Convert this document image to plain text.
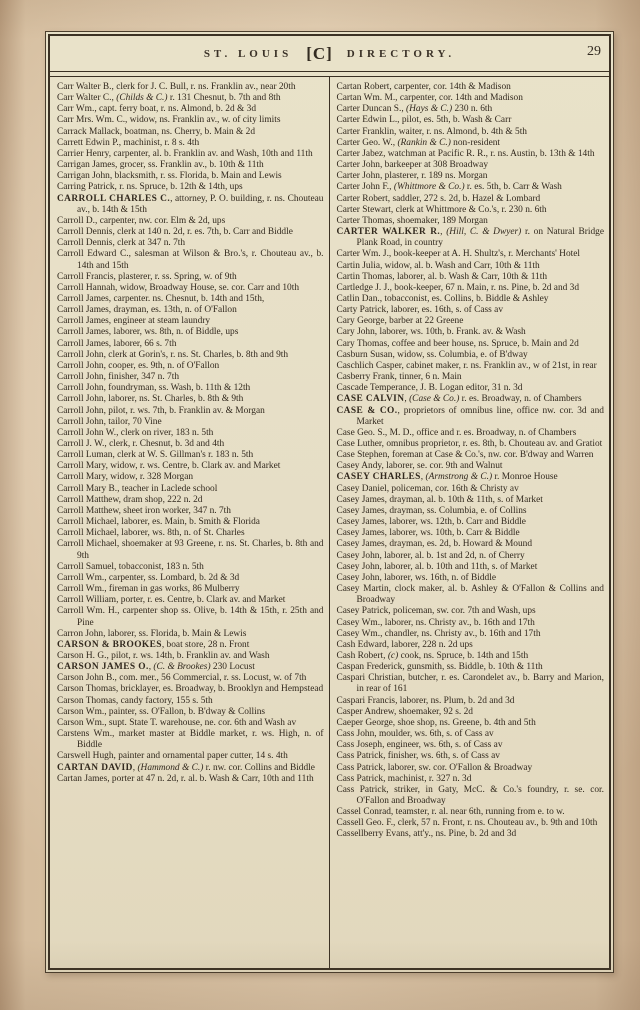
ST. LOUIS [C] DIRECTORY.	29
Carr Walter B., clerk for J. C. Bull, r. ns. Franklin av., near 20th
Carr Walter C., (Childs & C.) r. 131 Chesnut, b. 7th and 8th
Carr Wm., capt. ferry boat, r. ns. Almond, b. 2d & 3d
Carr Mrs. Wm. C., widow, ns. Franklin av., w. of city limits
Carrack Mallack, boatman, ns. Cherry, b. Main & 2d
Carrett Edwin P., machinist, r. 8 s. 4th
Carrier Henry, carpenter, al. b. Franklin av. and Wash, 10th and 11th
Carrigan James, grocer, ss. Franklin av., b. 10th & 11th
Carrigan John, blacksmith, r. ss. Florida, b. Main and Lewis
Carring Patrick, r. ns. Spruce, b. 12th & 14th, ups
CARROLL CHARLES C., attorney, P. O. building, r. ns. Chouteau av., b. 14th & 15th
Carroll D., carpenter, nw. cor. Elm & 2d, ups
Carroll Dennis, clerk at 140 n. 2d, r. es. 7th, b. Carr and Biddle
Carroll Dennis, clerk at 347 n. 7th
Carroll Edward C., salesman at Wilson & Bro.'s, r. Chouteau av., b. 14th and 15th
Carroll Francis, plasterer, r. ss. Spring, w. of 9th
Carroll Hannah, widow, Broadway House, se. cor. Carr and 10th
Carroll James, carpenter. ns. Chesnut, b. 14th and 15th,
Carroll James, drayman, es. 13th, n. of O'Fallon
Carroll James, engineer at steam laundry
Carroll James, laborer, ws. 8th, n. of Biddle, ups
Carroll James, laborer, 66 s. 7th
Carroll John, clerk at Gorin's, r. ns. St. Charles, b. 8th and 9th
Carroll John, cooper, es. 9th, n. of O'Fallon
Carroll John, finisher, 347 n. 7th
Carroll John, foundryman, ss. Wash, b. 11th & 12th
Carroll John, laborer, ns. St. Charles, b. 8th & 9th
Carroll John, pilot, r. ws. 7th, b. Franklin av. & Morgan
Carroll John, tailor, 70 Vine
Carroll John W., clerk on river, 183 n. 5th
Carroll J. W., clerk, r. Chesnut, b. 3d and 4th
Carroll Luman, clerk at W. S. Gillman's r. 183 n. 5th
Carroll Mary, widow, r. ws. Centre, b. Clark av. and Market
Carroll Mary, widow, r. 328 Morgan
Carroll Mary B., teacher in Laclede school
Carroll Matthew, dram shop, 222 n. 2d
Carroll Matthew, sheet iron worker, 347 n. 7th
Carroll Michael, laborer, es. Main, b. Smith & Florida
Carroll Michael, laborer, ws. 8th, n. of St. Charles
Carroll Michael, shoemaker at 93 Greene, r. ns. St. Charles, b. 8th and 9th
Carroll Samuel, tobacconist, 183 n. 5th
Carroll Wm., carpenter, ss. Lombard, b. 2d & 3d
Carroll Wm., fireman in gas works, 86 Mulberry
Carroll William, porter, r. es. Centre, b. Clark av. and Market
Carroll Wm. H., carpenter shop ss. Olive, b. 14th & 15th, r. 25th and Pine
Carron John, laborer, ss. Florida, b. Main & Lewis
CARSON & BROOKES, boat store, 28 n. Front
Carson H. G., pilot, r. ws. 14th, b. Franklin av. and Wash
CARSON JAMES O., (C. & Brookes) 230 Locust
Carson John B., com. mer., 56 Commercial, r. ss. Locust, w. of 7th
Carson Thomas, bricklayer, es. Broadway, b. Brooklyn and Hempstead
Carson Thomas, candy factory, 155 s. 5th
Carson Wm., painter, ss. O'Fallon, b. B'dway & Collins
Carson Wm., supt. State T. warehouse, ne. cor. 6th and Wash av
Carstens Wm., market master at Biddle market, r. ws. High, n. of Biddle
Carswell Hugh, painter and ornamental paper cutter, 14 s. 4th
CARTAN DAVID, (Hammond & C.) r. nw. cor. Collins and Biddle
Cartan James, porter at 47 n. 2d, r. al. b. Wash & Carr, 10th and 11th
Cartan Robert, carpenter, cor. 14th & Madison
Cartan Wm. M., carpenter, cor. 14th and Madison
Carter Duncan S., (Hays & C.) 230 n. 6th
Carter Edwin L., pilot, es. 5th, b. Wash & Carr
Carter Franklin, waiter, r. ns. Almond, b. 4th & 5th
Carter Geo. W., (Rankin & C.) non-resident
Carter Jabez, watchman at Pacific R. R., r. ns. Austin, b. 13th & 14th
Carter John, barkeeper at 308 Broadway
Carter John, plasterer, r. 189 ns. Morgan
Carter John F., (Whittmore & Co.) r. es. 5th, b. Carr & Wash
Carter Robert, saddler, 272 s. 2d, b. Hazel & Lombard
Carter Stewart, clerk at Whittmore & Co.'s, r. 230 n. 6th
Carter Thomas, shoemaker, 189 Morgan
CARTER WALKER R., (Hill, C. & Dwyer) r. on Natural Bridge Plank Road, in country
Carter Wm. J., book-keeper at A. H. Shultz's, r. Merchants' Hotel
Cartin Julia, widow, al. b. Wash and Carr, 10th & 11th
Cartin Thomas, laborer, al. b. Wash & Carr, 10th & 11th
Cartledge J. J., book-keeper, 67 n. Main, r. ns. Pine, b. 2d and 3d
Catlin Dan., tobacconist, es. Collins, b. Biddle & Ashley
Carty Patrick, laborer, es. 16th, s. of Cass av
Cary George, barber at 22 Greene
Cary John, laborer, ws. 10th, b. Frank. av. & Wash
Cary Thomas, coffee and beer house, ns. Spruce, b. Main and 2d
Casburn Susan, widow, ss. Columbia, e. of B'dway
Caschlich Casper, cabinet maker, r. ns. Franklin av., w of 21st, in rear
Casberry Frank, tinner, 6 n. Main
Cascade Temperance, J. B. Logan editor, 31 n. 3d
CASE CALVIN, (Case & Co.) r. es. Broadway, n. of Chambers
CASE & CO., proprietors of omnibus line, office nw. cor. 3d and Market
Case Geo. S., M. D., office and r. es. Broadway, n. of Chambers
Case Luther, omnibus proprietor, r. es. 8th, b. Chouteau av. and Gratiot
Case Stephen, foreman at Case & Co.'s, nw. cor. B'dway and Warren
Casey Andy, laborer, se. cor. 9th and Walnut
CASEY CHARLES, (Armstrong & C.) r. Monroe House
Casey Daniel, policeman, cor. 16th & Christy av
Casey James, drayman, al. b. 10th & 11th, s. of Market
Casey James, drayman, ss. Columbia, e. of Collins
Casey James, laborer, ws. 12th, b. Carr and Biddle
Casey James, laborer, ws. 10th, b. Carr & Biddle
Casey James, drayman, es. 2d, b. Howard & Mound
Casey John, laborer, al. b. 1st and 2d, n. of Cherry
Casey John, laborer, al. b. 10th and 11th, s. of Market
Casey John, laborer, ws. 16th, n. of Biddle
Casey Martin, clock maker, al. b. Ashley & O'Fallon & Collins and Broadway
Casey Patrick, policeman, sw. cor. 7th and Wash, ups
Casey Wm., laborer, ns. Christy av., b. 16th and 17th
Casey Wm., chandler, ns. Christy av., b. 16th and 17th
Cash Edward, laborer, 228 n. 2d ups
Cash Robert, (c) cook, ns. Spruce, b. 14th and 15th
Caspan Frederick, gunsmith, ss. Biddle, b. 10th & 11th
Caspari Christian, butcher, r. es. Carondelet av., b. Barry and Marion, in rear of 161
Caspari Francis, laborer, ns. Plum, b. 2d and 3d
Casper Andrew, shoemaker, 92 s. 2d
Caeper George, shoe shop, ns. Greene, b. 4th and 5th
Cass John, moulder, ws. 6th, s. of Cass av
Cass Joseph, engineer, ws. 6th, s. of Cass av
Cass Patrick, finisher, ws. 6th, s. of Cass av
Cass Patrick, laborer, sw. cor. O'Fallon & Broadway
Cass Patrick, machinist, r. 327 n. 3d
Cass Patrick, striker, in Gaty, McC. & Co.'s foundry, r. se. cor. O'Fallon and Broadway
Cassel Conrad, teamster, r. al. near 6th, running from e. to w.
Cassell Geo. F., clerk, 57 n. Front, r. ns. Chouteau av., b. 9th and 10th
Cassellberry Evans, att'y., ns. Pine, b. 2d and 3d
